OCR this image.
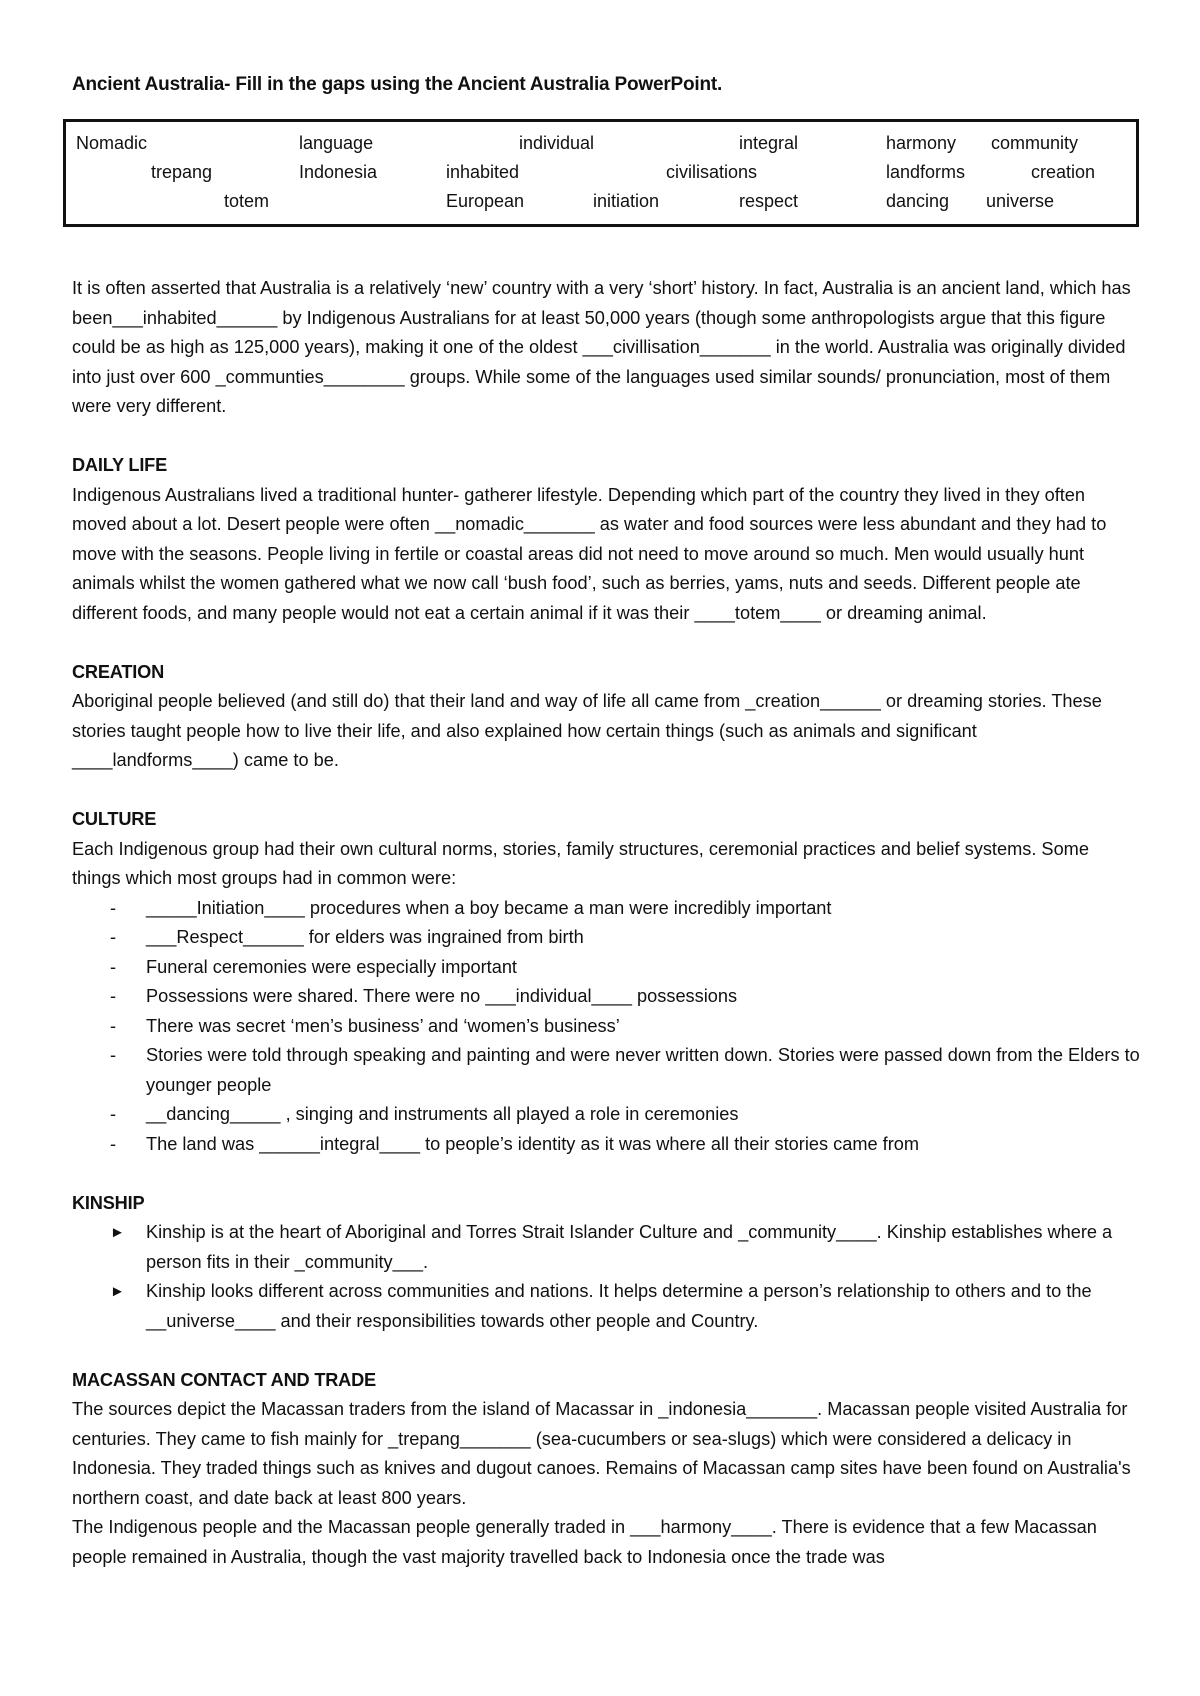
Ancient Australia- Fill in the gaps using the Ancient Australia PowerPoint.
Nomadic	language	individual	integral	harmony community
trepang	Indonesia	inhabited	civilisations	landforms	creation
totem	European	initiation	respect	dancing universe

It is often asserted that Australia is a relatively ‘new’ country with a very ‘short’ history. In fact, Australia is an ancient land, which has been___inhabited______ by Indigenous Australians for at least 50,000 years (though some anthropologists argue that this figure could be as high as 125,000 years), making it one of the oldest ___civillisation_______ in the world. Australia was originally divided into just over 600 _communties________ groups. While some of the languages used similar sounds/ pronunciation, most of them were very different.

DAILY LIFE

Indigenous Australians lived a traditional hunter- gatherer lifestyle. Depending which part of the country they lived in they often moved about a lot. Desert people were often __nomadic_______ as water and food sources were less abundant and they had to move with the seasons. People living in fertile or coastal areas did not need to move around so much. Men would usually hunt animals whilst the women gathered what we now call ‘bush food’, such as berries, yams, nuts and seeds. Different people ate different foods, and many people would not eat a certain animal if it was their ____totem____ or dreaming animal.

CREATION

Aboriginal people believed (and still do) that their land and way of life all came from _creation______ or dreaming stories. These stories taught people how to live their life, and also explained how certain things (such as animals and significant ____landforms____) came to be.

CULTURE

Each Indigenous group had their own cultural norms, stories, family structures, ceremonial practices and belief systems. Some things which most groups had in common were:

- _____Initiation____ procedures when a boy became a man were incredibly important
- ___Respect______ for elders was ingrained from birth
- Funeral ceremonies were especially important
- Possessions were shared. There were no ___individual____ possessions
- There was secret ‘men’s business’ and ‘women’s business’
- Stories were told through speaking and painting and were never written down. Stories were passed down from the Elders to younger people
- __dancing_____ , singing and instruments all played a role in ceremonies
- The land was ______integral____ to people’s identity as it was where all their stories came from

KINSHIP

► Kinship is at the heart of Aboriginal and Torres Strait Islander Culture and _community____. Kinship establishes where a person fits in their _community___.
► Kinship looks different across communities and nations. It helps determine a person’s relationship to others and to the __universe____ and their responsibilities towards other people and Country.

MACASSAN CONTACT AND TRADE

The sources depict the Macassan traders from the island of Macassar in _indonesia_______. Macassan people visited Australia for centuries. They came to fish mainly for _trepang_______ (sea-cucumbers or sea-slugs) which were considered a delicacy in Indonesia. They traded things such as knives and dugout canoes. Remains of Macassan camp sites have been found on Australia's northern coast, and date back at least 800 years.

The Indigenous people and the Macassan people generally traded in ___harmony____. There is evidence that a few Macassan people remained in Australia, though the vast majority travelled back to Indonesia once the trade was
